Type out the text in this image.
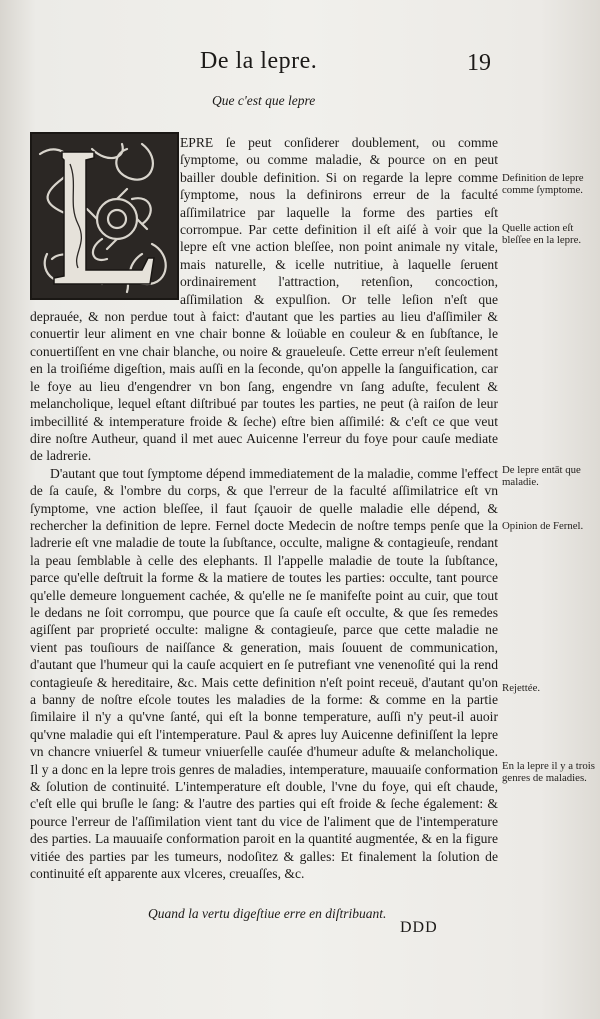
De la lepre.	19
Que c'est que lepre

EPRE ſe peut conſiderer doublement, ou comme ſymptome, ou comme maladie, & pource on en peut bailler double definition. Si on regarde la lepre comme ſymptome, nous la definirons erreur de la faculté aſſimilatrice par laquelle la forme des parties eſt corrompue. Par cette definition il eſt aiſé à voir que la lepre eſt vne action bleſſee, non point animale ny vitale, mais naturelle, & icelle nutritiue, à laquelle ſeruent ordinairement l'attraction, retenſion, concoction, aſſimilation & expulſion. Or telle leſion n'eſt que deprauée, & non perdue tout à faict: d'autant que les parties au lieu d'aſſimiler & conuertir leur aliment en vne chair bonne & loüable en couleur & en ſubſtance, le conuertiſſent en vne chair blanche, ou noire & graueleuſe. Cette erreur n'eſt ſeulement en la troiſiéme digeſtion, mais auſſi en la ſeconde, qu'on appelle la ſanguification, car le foye au lieu d'engendrer vn bon ſang, engendre vn ſang aduſte, feculent & melancholique, lequel eſtant diſtribué par toutes les parties, ne peut (à raiſon de leur imbecillité & intemperature froide & ſeche) eſtre bien aſſimilé: & c'eſt ce que veut dire noſtre Autheur, quand il met auec Auicenne l'erreur du foye pour cauſe mediate de ladrerie.

D'autant que tout ſymptome dépend immediatement de la maladie, comme l'effect de ſa cauſe, & l'ombre du corps, & que l'erreur de la faculté aſſimilatrice eſt vn ſymptome, vne action bleſſee, il faut ſçauoir de quelle maladie elle dépend, & rechercher la definition de lepre. Fernel docte Medecin de noſtre temps penſe que la ladrerie eſt vne maladie de toute la ſubſtance, occulte, maligne & contagieuſe, rendant la peau ſemblable à celle des elephants. Il l'appelle maladie de toute la ſubſtance, parce qu'elle deſtruit la forme & la matiere de toutes les parties: occulte, tant pource qu'elle demeure longuement cachée, & qu'elle ne ſe manifeſte point au cuir, que tout le dedans ne ſoit corrompu, que pource que ſa cauſe eſt occulte, & que ſes remedes agiſſent par proprieté occulte: maligne & contagieuſe, parce que cette maladie ne vient pas touſiours de naiſſance & generation, mais ſouuent de communication, d'autant que l'humeur qui la cauſe acquiert en ſe putrefiant vne venenoſité qui la rend contagieuſe & hereditaire, &c. Mais cette definition n'eſt point receuë, d'autant qu'on a banny de noſtre eſcole toutes les maladies de la forme: & comme en la partie ſimilaire il n'y a qu'vne ſanté, qui eſt la bonne temperature, auſſi n'y peut-il auoir qu'vne maladie qui eſt l'intemperature. Paul & apres luy Auicenne definiſſent la lepre vn chancre vniuerſel & tumeur vniuerſelle cauſée d'humeur aduſte & melancholique. Il y a donc en la lepre trois genres de maladies, intemperature, mauuaiſe conformation & ſolution de continuité. L'intemperature eſt double, l'vne du foye, qui eſt chaude, c'eſt elle qui bruſle le ſang: & l'autre des parties qui eſt froide & ſeche également: & pource l'erreur de l'aſſimilation vient tant du vice de l'aliment que de l'intemperature des parties. La mauuaiſe conformation paroit en la quantité augmentée, & en la figure vitiée des parties par les tumeurs, nodoſitez & galles: Et finalement la ſolution de continuité eſt apparente aux vlceres, creuaſſes, &c.

Definition de lepre comme ſymptome.
Quelle action eſt bleſſee en la lepre.
De lepre entāt que maladie.
Opinion de Fernel.
Rejettée.
En la lepre il y a trois genres de maladies.
Quand la vertu digeſtiue erre en diſtribuant.
DDD
